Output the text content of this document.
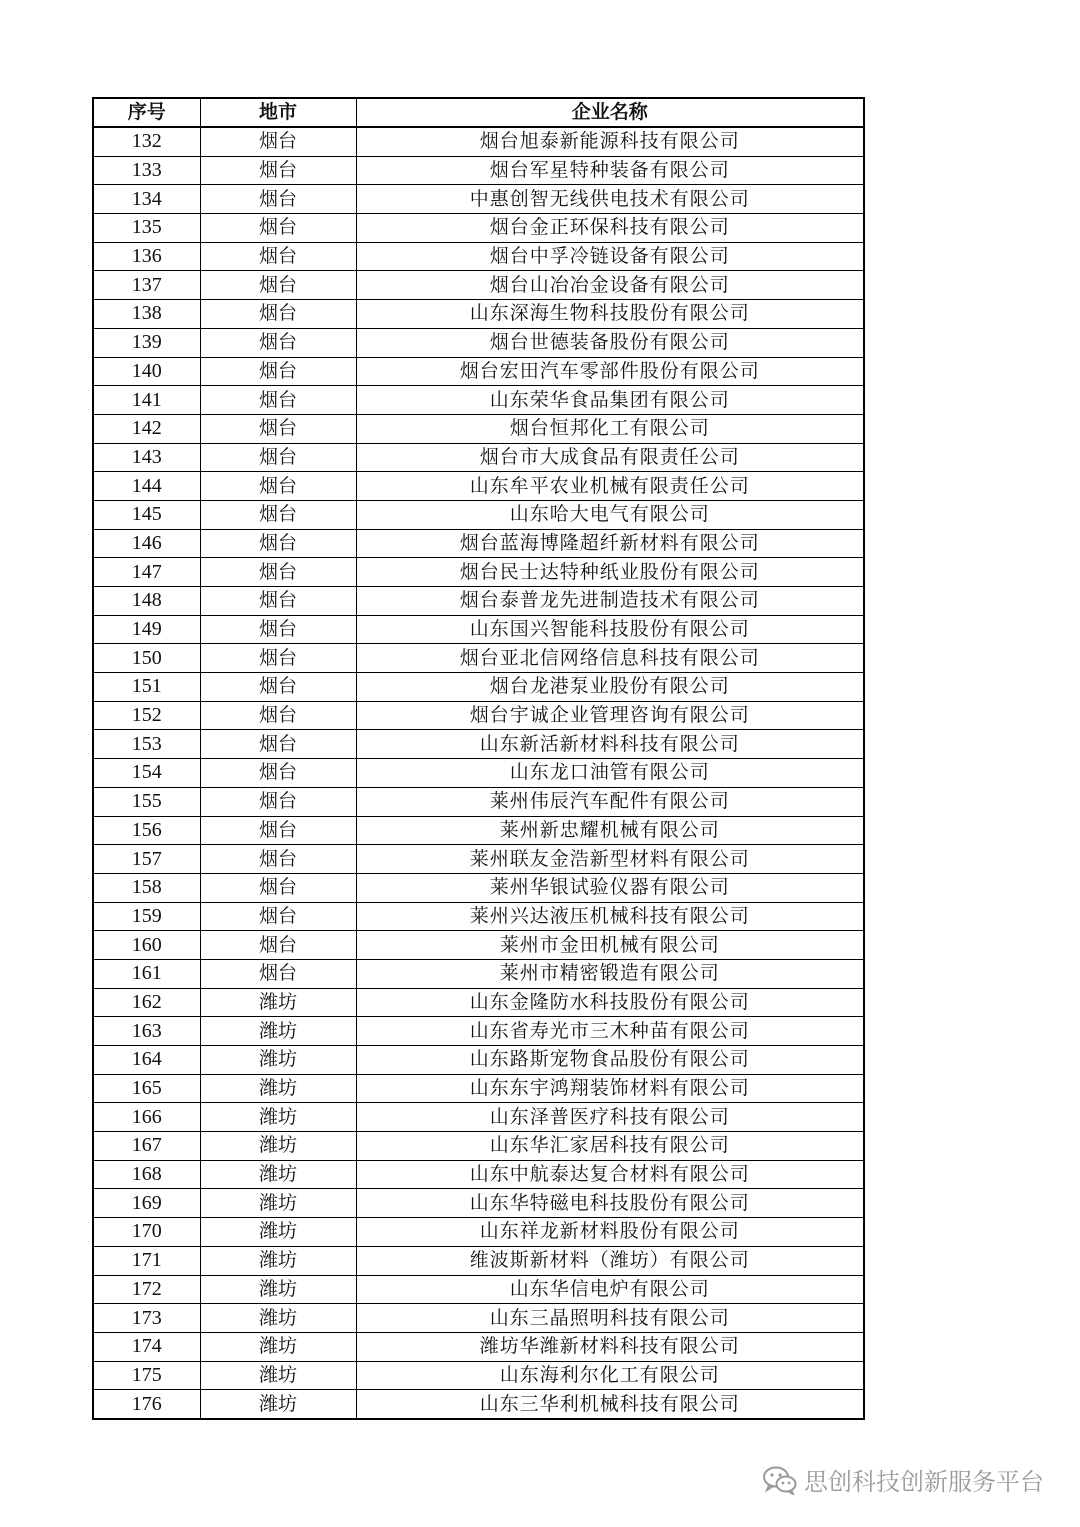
序号	地市	企业名称
132	烟台	烟台旭泰新能源科技有限公司
133	烟台	烟台军星特种装备有限公司
134	烟台	中惠创智无线供电技术有限公司
135	烟台	烟台金正环保科技有限公司
136	烟台	烟台中孚冷链设备有限公司
137	烟台	烟台山冶冶金设备有限公司
138	烟台	山东深海生物科技股份有限公司
139	烟台	烟台世德装备股份有限公司
140	烟台	烟台宏田汽车零部件股份有限公司
141	烟台	山东荣华食品集团有限公司
142	烟台	烟台恒邦化工有限公司
143	烟台	烟台市大成食品有限责任公司
144	烟台	山东牟平农业机械有限责任公司
145	烟台	山东哈大电气有限公司
146	烟台	烟台蓝海博隆超纤新材料有限公司
147	烟台	烟台民士达特种纸业股份有限公司
148	烟台	烟台泰普龙先进制造技术有限公司
149	烟台	山东国兴智能科技股份有限公司
150	烟台	烟台亚北信网络信息科技有限公司
151	烟台	烟台龙港泵业股份有限公司
152	烟台	烟台宇诚企业管理咨询有限公司
153	烟台	山东新活新材料科技有限公司
154	烟台	山东龙口油管有限公司
155	烟台	莱州伟辰汽车配件有限公司
156	烟台	莱州新忠耀机械有限公司
157	烟台	莱州联友金浩新型材料有限公司
158	烟台	莱州华银试验仪器有限公司
159	烟台	莱州兴达液压机械科技有限公司
160	烟台	莱州市金田机械有限公司
161	烟台	莱州市精密锻造有限公司
162	潍坊	山东金隆防水科技股份有限公司
163	潍坊	山东省寿光市三木种苗有限公司
164	潍坊	山东路斯宠物食品股份有限公司
165	潍坊	山东东宇鸿翔装饰材料有限公司
166	潍坊	山东泽普医疗科技有限公司
167	潍坊	山东华汇家居科技有限公司
168	潍坊	山东中航泰达复合材料有限公司
169	潍坊	山东华特磁电科技股份有限公司
170	潍坊	山东祥龙新材料股份有限公司
171	潍坊	维波斯新材料（潍坊）有限公司
172	潍坊	山东华信电炉有限公司
173	潍坊	山东三晶照明科技有限公司
174	潍坊	潍坊华潍新材料科技有限公司
175	潍坊	山东海利尔化工有限公司
176	潍坊	山东三华利机械科技有限公司
思创科技创新服务平台
